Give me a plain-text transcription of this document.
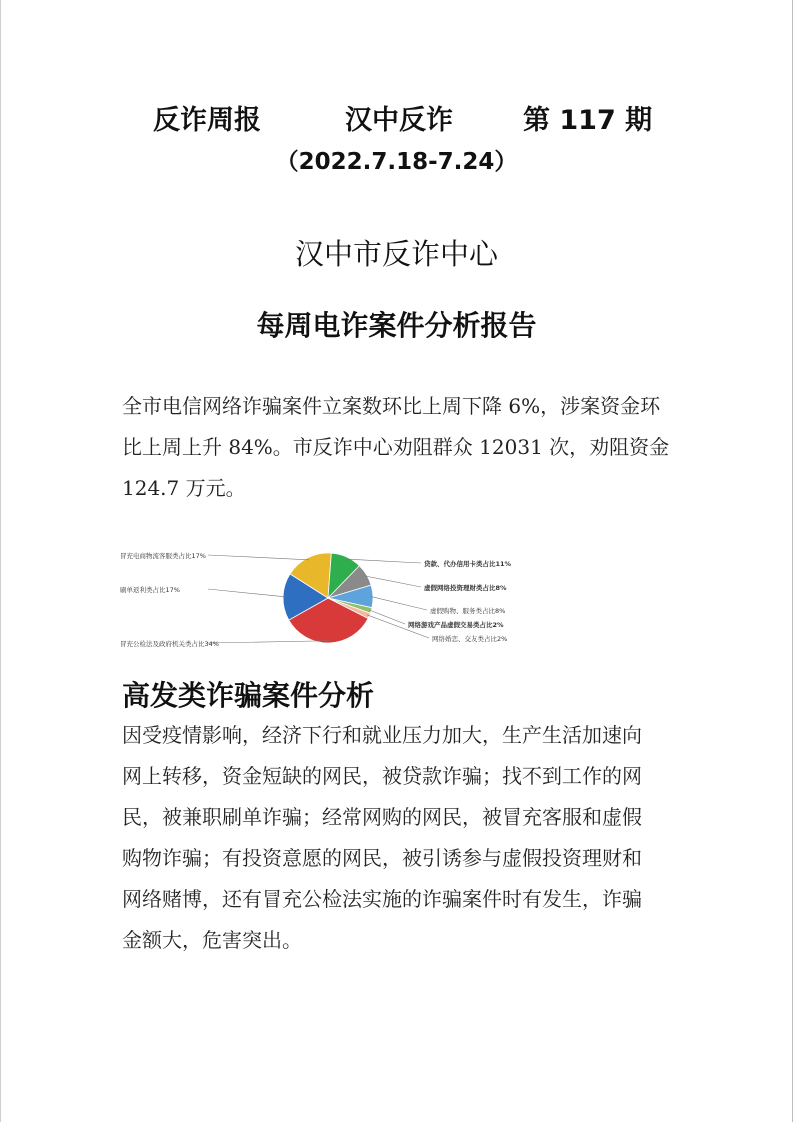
反诈周报	汉中反诈	第 117 期
（2022.7.18-7.24）
汉中市反诈中心
每周电诈案件分析报告
全市电信网络诈骗案件立案数环比上周下降 6%，涉案资金环
比上周上升 84%。市反诈中心劝阻群众 12031 次，劝阻资金
124.7 万元。
冒充公检法及政府机关类占比34%
刷单返利类占比17%
冒充电商物流客服类占比17%
贷款、代办信用卡类占比11%
虚假网络投资理财类占比8%
虚假购物、服务类占比8%
网络游戏产品虚假交易类占比2%
网络婚恋、交友类占比2%
高发类诈骗案件分析
因受疫情影响，经济下行和就业压力加大，生产生活加速向
网上转移，资金短缺的网民，被贷款诈骗；找不到工作的网
民，被兼职刷单诈骗；经常网购的网民，被冒充客服和虚假
购物诈骗；有投资意愿的网民，被引诱参与虚假投资理财和
网络赌博，还有冒充公检法实施的诈骗案件时有发生，诈骗
金额大，危害突出。
